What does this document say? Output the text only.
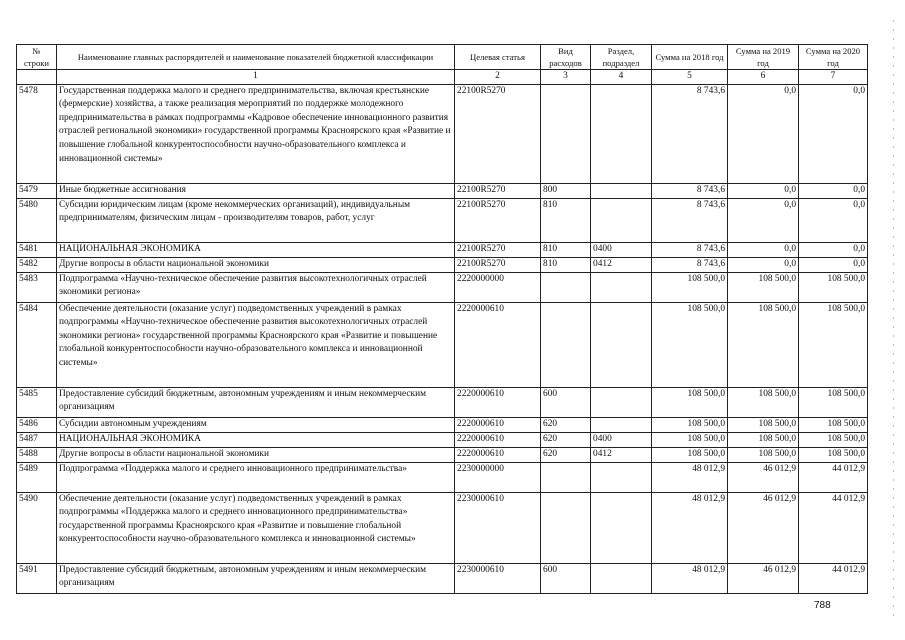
№ строки	Наименование главных распорядителей и наименование показателей бюджетной классификации	Целевая статья	Вид расходов	Раздел, подраздел	Сумма на 2018 год	Сумма на 2019 год	Сумма на 2020 год
	1	2	3	4	5	6	7
5478	Государственная поддержка малого и среднего предпринимательства, включая крестьянские (фермерские) хозяйства, а также реализация мероприятий по поддержке молодежного предпринимательства в рамках подпрограммы «Кадровое обеспечение инновационного развития отраслей региональной экономики» государственной программы Красноярского края «Развитие и повышение глобальной конкурентоспособности научно-образовательного комплекса и инновационной системы»	22100R5270			8 743,6	0,0	0,0
5479	Иные бюджетные ассигнования	22100R5270	800		8 743,6	0,0	0,0
5480	Субсидии юридическим лицам (кроме некоммерческих организаций), индивидуальным предпринимателям, физическим лицам - производителям товаров, работ, услуг	22100R5270	810		8 743,6	0,0	0,0
5481	НАЦИОНАЛЬНАЯ ЭКОНОМИКА	22100R5270	810	0400	8 743,6	0,0	0,0
5482	Другие вопросы в области национальной экономики	22100R5270	810	0412	8 743,6	0,0	0,0
5483	Подпрограмма «Научно-техническое обеспечение развития высокотехнологичных отраслей экономики региона»	2220000000			108 500,0	108 500,0	108 500,0
5484	Обеспечение деятельности (оказание услуг) подведомственных учреждений в рамках подпрограммы «Научно-техническое обеспечение развития высокотехнологичных отраслей экономики региона» государственной программы Красноярского края «Развитие и повышение глобальной конкурентоспособности научно-образовательного комплекса и инновационной системы»	2220000610			108 500,0	108 500,0	108 500,0
5485	Предоставление субсидий бюджетным, автономным учреждениям и иным некоммерческим организациям	2220000610	600		108 500,0	108 500,0	108 500,0
5486	Субсидии автономным учреждениям	2220000610	620		108 500,0	108 500,0	108 500,0
5487	НАЦИОНАЛЬНАЯ ЭКОНОМИКА	2220000610	620	0400	108 500,0	108 500,0	108 500,0
5488	Другие вопросы в области национальной экономики	2220000610	620	0412	108 500,0	108 500,0	108 500,0
5489	Подпрограмма «Поддержка малого и среднего инновационного предпринимательства»	2230000000			48 012,9	46 012,9	44 012,9
5490	Обеспечение деятельности (оказание услуг) подведомственных учреждений в рамках подпрограммы «Поддержка малого и среднего инновационного предпринимательства» государственной программы Красноярского края «Развитие и повышение глобальной конкурентоспособности научно-образовательного комплекса и инновационной системы»	2230000610			48 012,9	46 012,9	44 012,9
5491	Предоставление субсидий бюджетным, автономным учреждениям и иным некоммерческим организациям	2230000610	600		48 012,9	46 012,9	44 012,9
788
